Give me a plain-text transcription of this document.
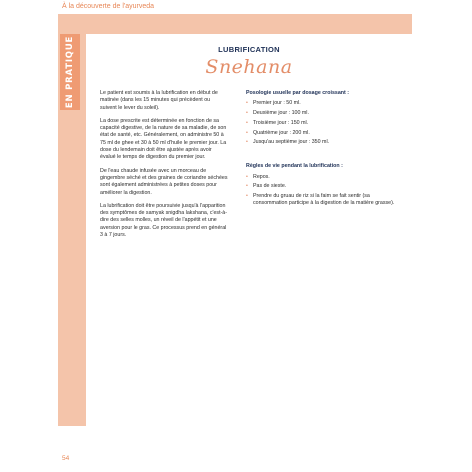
À la découverte de l'ayurveda
EN PRATIQUE	LUBRIFICATION
Snehana

Le patient est soumis à la lubrification en début de matinée (dans les 15 minutes qui précèdent ou suivent le lever du soleil).

La dose prescrite est déterminée en fonction de sa capacité digestive, de la nature de sa maladie, de son état de santé, etc. Généralement, on administre 50 à 75 ml de ghee et 30 à 50 ml d'huile le premier jour. La dose du lendemain doit être ajustée après avoir évalué le temps de digestion du premier jour.

De l'eau chaude infusée avec un morceau de gingembre séché et des graines de coriandre séchées sont également administrées à petites doses pour améliorer la digestion.

La lubrification doit être poursuivie jusqu'à l'apparition des symptômes de samyak snigdha lakshana, c'est-à-dire des selles molles, un réveil de l'appétit et une aversion pour le gras. Ce processus prend en général 3 à 7 jours.

Posologie usuelle par dosage croissant :
• Premier jour : 50 ml.
• Deuxième jour : 100 ml.
• Troisième jour : 150 ml.
• Quatrième jour : 200 ml.
• Jusqu'au septième jour : 350 ml.
Règles de vie pendant la lubrification :
• Repos.
• Pas de sieste.
• Prendre du gruau de riz si la faim se fait sentir (sa consommation participe à la digestion de la matière grasse).
54
